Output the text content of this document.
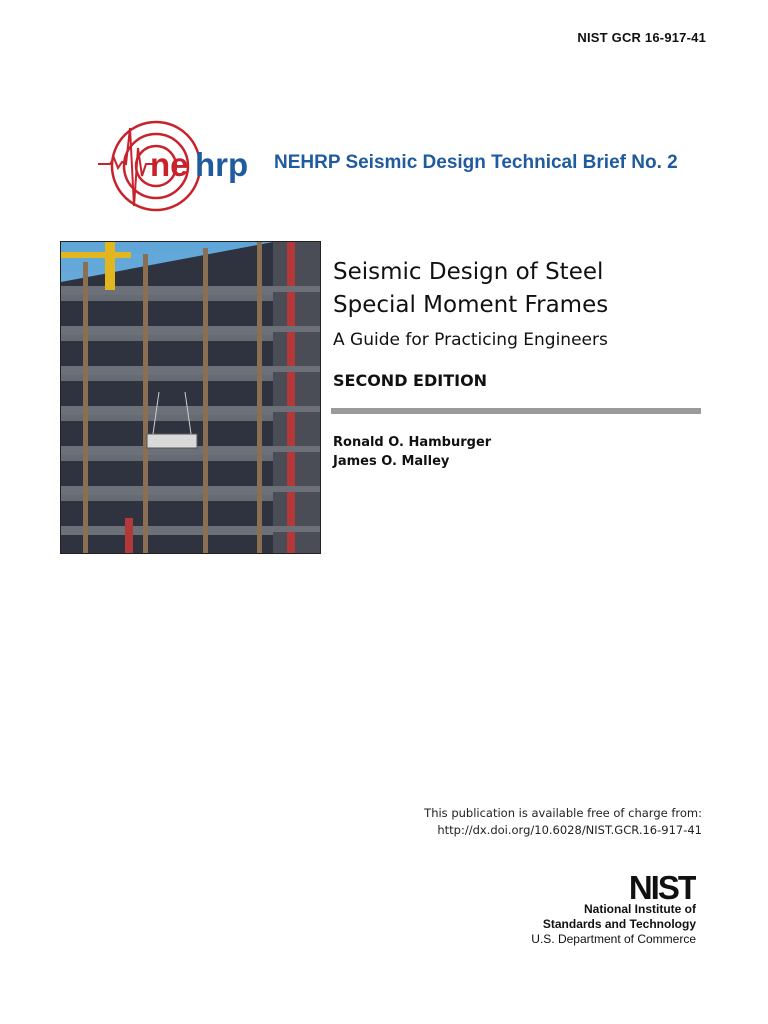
NIST GCR 16-917-41
ne hrp NEHRP Seismic Design Technical Brief No. 2
Seismic Design of Steel
Special Moment Frames
A Guide for Practicing Engineers
SECOND EDITION
Ronald O. Hamburger
James O. Malley
This publication is available free of charge from:
http://dx.doi.org/10.6028/NIST.GCR.16-917-41
NIST
National Institute of
Standards and Technology
U.S. Department of Commerce
